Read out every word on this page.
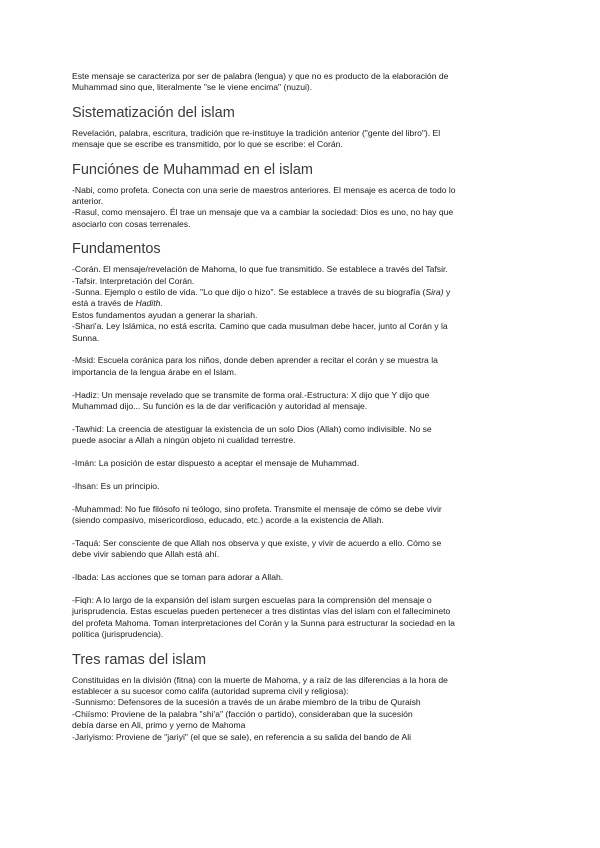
Este mensaje se caracteriza por ser de palabra (lengua) y que no es producto de la elaboración de

Muhammad sino que, literalmente "se le viene encima" (nuzui).

Sistematización del islam

Revelación, palabra, escritura, tradición que re-instituye la tradición anterior ("gente del libro"). El

mensaje que se escribe es transmitido, por lo que se escribe: el Corán.

Funciónes de Muhammad en el islam

-Nabi, como profeta. Conecta con una serie de maestros anteriores. El mensaje es acerca de todo lo

anterior.

-Rasul, como mensajero. Él trae un mensaje que va a cambiar la sociedad: Dios es uno, no hay que

asociarlo con cosas terrenales.

Fundamentos

-Corán. El mensaje/revelación de Mahoma, lo que fue transmitido. Se establece a través del Tafsir.

-Tafsir. Interpretación del Corán.

-Sunna. Ejemplo o estilo de vida. "Lo que dijo o hizo". Se establece a través de su biografía (Sira) y

está a través de Hadith.

Estos fundamentos ayudan a generar la shariah.

-Shari'a. Ley Islámica, no está escrita. Camino que cada musulman debe hacer, junto al Corán y la

Sunna.

-Msid: Escuela coránica para los niños, donde deben aprender a recitar el corán y se muestra la

importancia de la lengua árabe en el Islam.

-Hadiz: Un mensaje revelado que se transmite de forma oral.-Estructura: X dijo que Y dijo que

Muhammad dijo... Su función es la de dar verificación y autoridad al mensaje.

-Tawhid: La creencia de atestiguar la existencia de un solo Dios (Allah) como indivisible. No se

puede asociar a Allah a ningún objeto ni cualidad terrestre.

-Imán: La posición de estar dispuesto a aceptar el mensaje de Muhammad.

-Ihsan: Es un principio.

-Muhammad: No fue filósofo ni teólogo, sino profeta. Transmite el mensaje de cómo se debe vivir

(siendo compasivo, misericordioso, educado, etc.) acorde a la existencia de Allah.

-Taquá: Ser consciente de que Allah nos observa y que existe, y vivir de acuerdo a ello. Cómo se

debe vivir sabiendo que Allah está ahí.

-Ibada: Las acciones que se toman para adorar a Allah.

-Fiqh: A lo largo de la expansión del islam surgen escuelas para la comprensión del mensaje o

jurisprudencia. Estas escuelas pueden pertenecer a tres distintas vías del islam con el fallecimineto

del profeta Mahoma. Toman interpretaciones del Corán y la Sunna para estructurar la sociedad en la

política (jurisprudencia).

Tres ramas del islam

Constituidas en la división (fitna) con la muerte de Mahoma, y a raíz de las diferencias a la hora de

establecer a su sucesor como califa (autoridad suprema civil y religiosa):

-Sunnismo: Defensores de la sucesión a través de un árabe miembro de la tribu de Quraish

-Chiísmo: Proviene de la palabra "shi'a" (facción o partido), consideraban que la sucesión

debía darse en Ali, primo y yerno de Mahoma

-Jariyismo: Proviene de "jariyi" (el que se sale), en referencia a su salida del bando de Ali
